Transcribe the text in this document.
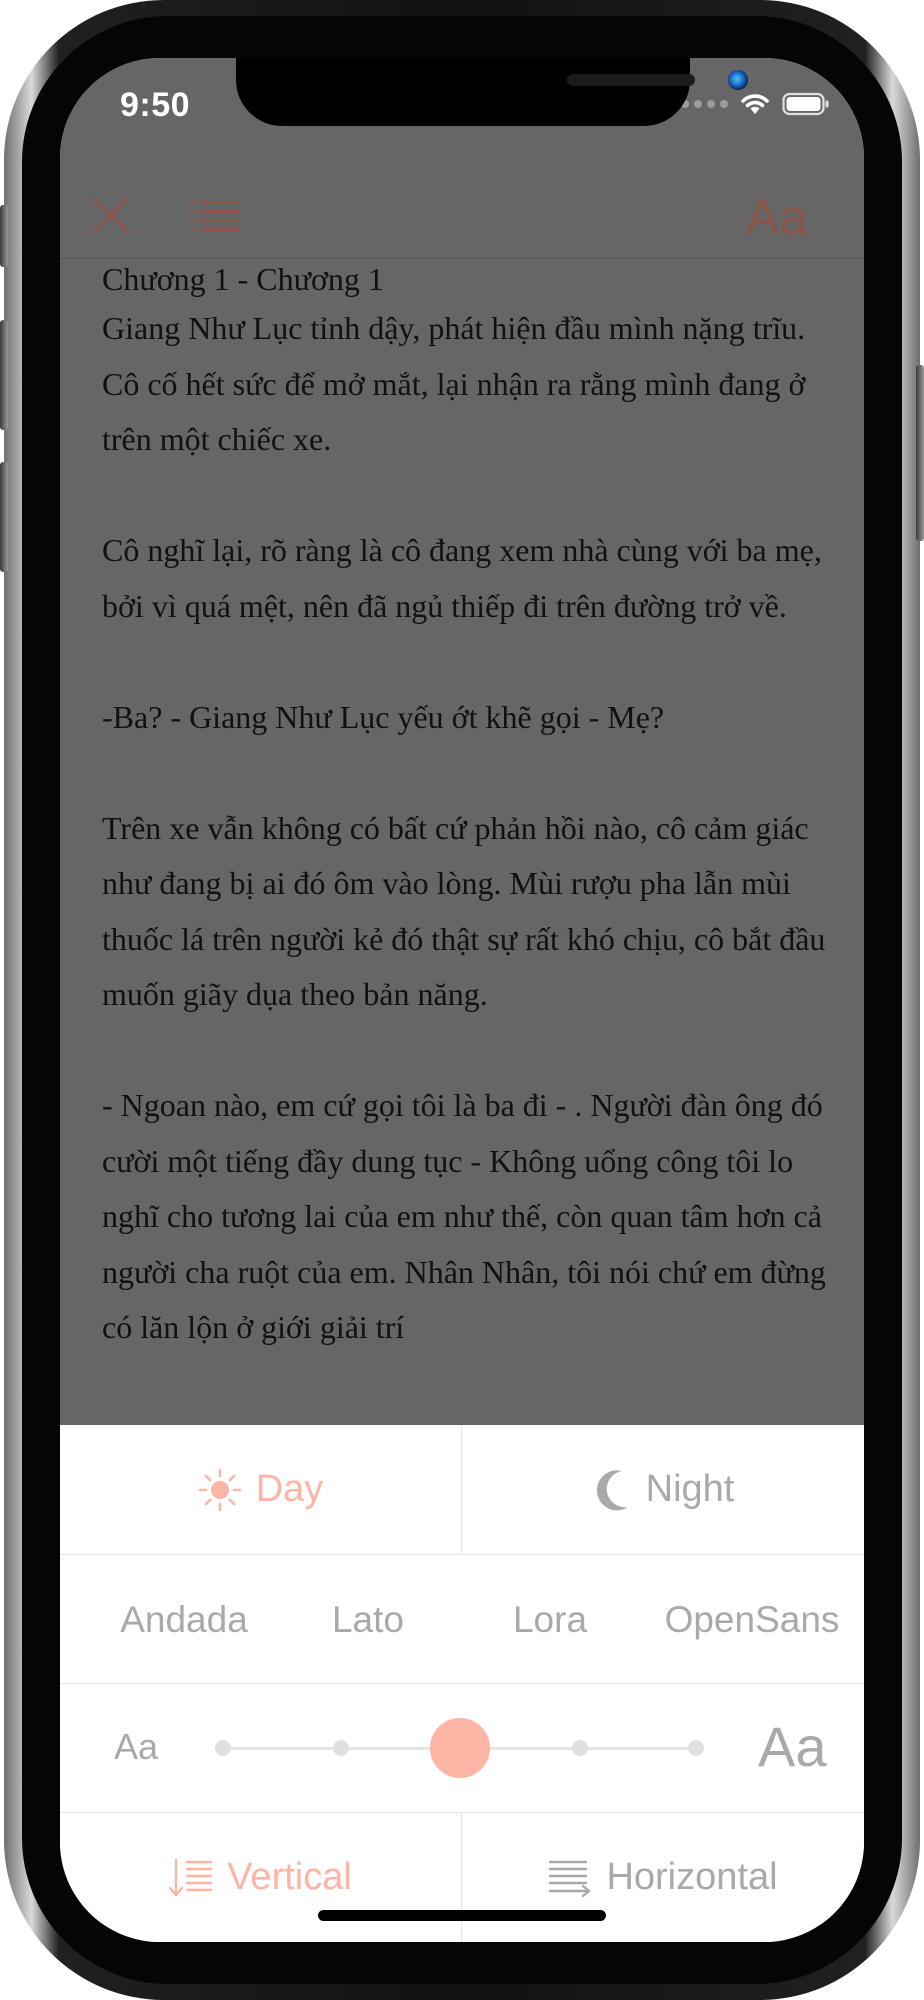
9:50
Aa

Chương 1 - Chương 1

Giang Như Lục tỉnh dậy, phát hiện đầu mình nặng trĩu. Cô cố hết sức để mở mắt, lại nhận ra rằng mình đang ở trên một chiếc xe.

Cô nghĩ lại, rõ ràng là cô đang xem nhà cùng với ba mẹ, bởi vì quá mệt, nên đã ngủ thiếp đi trên đường trở về.

-Ba? - Giang Như Lục yếu ớt khẽ gọi - Mẹ?

Trên xe vẫn không có bất cứ phản hồi nào, cô cảm giác như đang bị ai đó ôm vào lòng. Mùi rượu pha lẫn mùi thuốc lá trên người kẻ đó thật sự rất khó chịu, cô bắt đầu muốn giãy dụa theo bản năng.

- Ngoan nào, em cứ gọi tôi là ba đi - . Người đàn ông đó cười một tiếng đầy dung tục - Không uổng công tôi lo nghĩ cho tương lai của em như thế, còn quan tâm hơn cả người cha ruột của em. Nhân Nhân, tôi nói chứ em đừng có lăn lộn ở giới giải trí

Day	Night
Andada	Lato	Lora	OpenSans
Aa	Aa
Vertical	Horizontal
